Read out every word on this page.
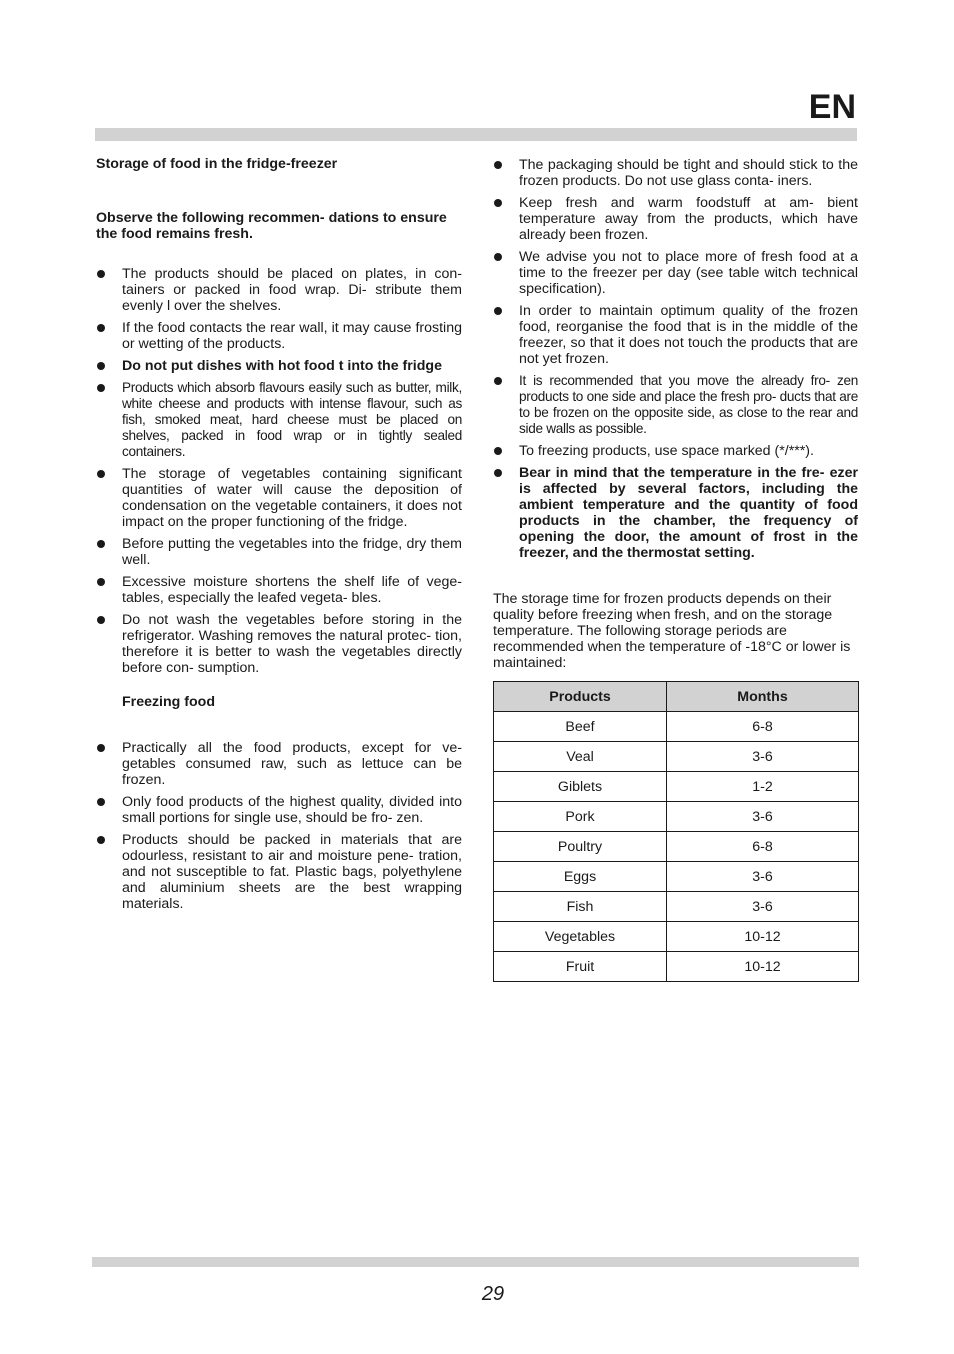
EN

Storage of food in the fridge-freezer

Observe the following recommen- dations to ensure the food remains fresh.

The products should be placed on plates, in con- tainers or packed in food wrap. Di- stribute them evenly l over the shelves.
If the food contacts the rear wall, it may cause frosting or wetting of the products.
Do not put dishes with hot food t into the fridge
Products which absorb flavours easily such as butter, milk, white cheese and products with intense flavour, such as fish, smoked meat, hard cheese must be placed on shelves, packed in food wrap or in tightly sealed containers.
The storage of vegetables containing significant quantities of water will cause the deposition of condensation on the vegetable containers, it does not impact on the proper functioning of the fridge.
Before putting the vegetables into the fridge, dry them well.
Excessive moisture shortens the shelf life of vege- tables, especially the leafed vegeta- bles.
Do not wash the vegetables before storing in the refrigerator. Washing removes the natural protec- tion, therefore it is better to wash the vegetables directly before con- sumption.

Freezing food

Practically all the food products, except for ve- getables consumed raw, such as lettuce can be frozen.
Only food products of the highest quality, divided into small portions for single use, should be fro- zen.
Products should be packed in materials that are odourless, resistant to air and moisture pene- tration, and not susceptible to fat. Plastic bags, polyethylene and aluminium sheets are the best wrapping materials.
The packaging should be tight and should stick to the frozen products. Do not use glass conta- iners.
Keep fresh and warm foodstuff at am- bient temperature away from the products, which have already been frozen.
We advise you not to place more of fresh food at a time to the freezer per day (see table witch technical specification).
In order to maintain optimum quality of the frozen food, reorganise the food that is in the middle of the freezer, so that it does not touch the products that are not yet frozen.
It is recommended that you move the already fro- zen products to one side and place the fresh pro- ducts that are to be frozen on the opposite side, as close to the rear and side walls as possible.
To freezing products, use space marked (*/***).
Bear in mind that the temperature in the fre- ezer is affected by several factors, including the ambient temperature and the quantity of food products in the chamber, the frequency of opening the door, the amount of frost in the freezer, and the thermostat setting.

The storage time for frozen products depends on their quality before freezing when fresh, and on the storage temperature. The following storage periods are recommended when the temperature of -18°C or lower is maintained:

Products	Months
Beef	6-8
Veal	3-6
Giblets	1-2
Pork	3-6
Poultry	6-8
Eggs	3-6
Fish	3-6
Vegetables	10-12
Fruit	10-12
29
